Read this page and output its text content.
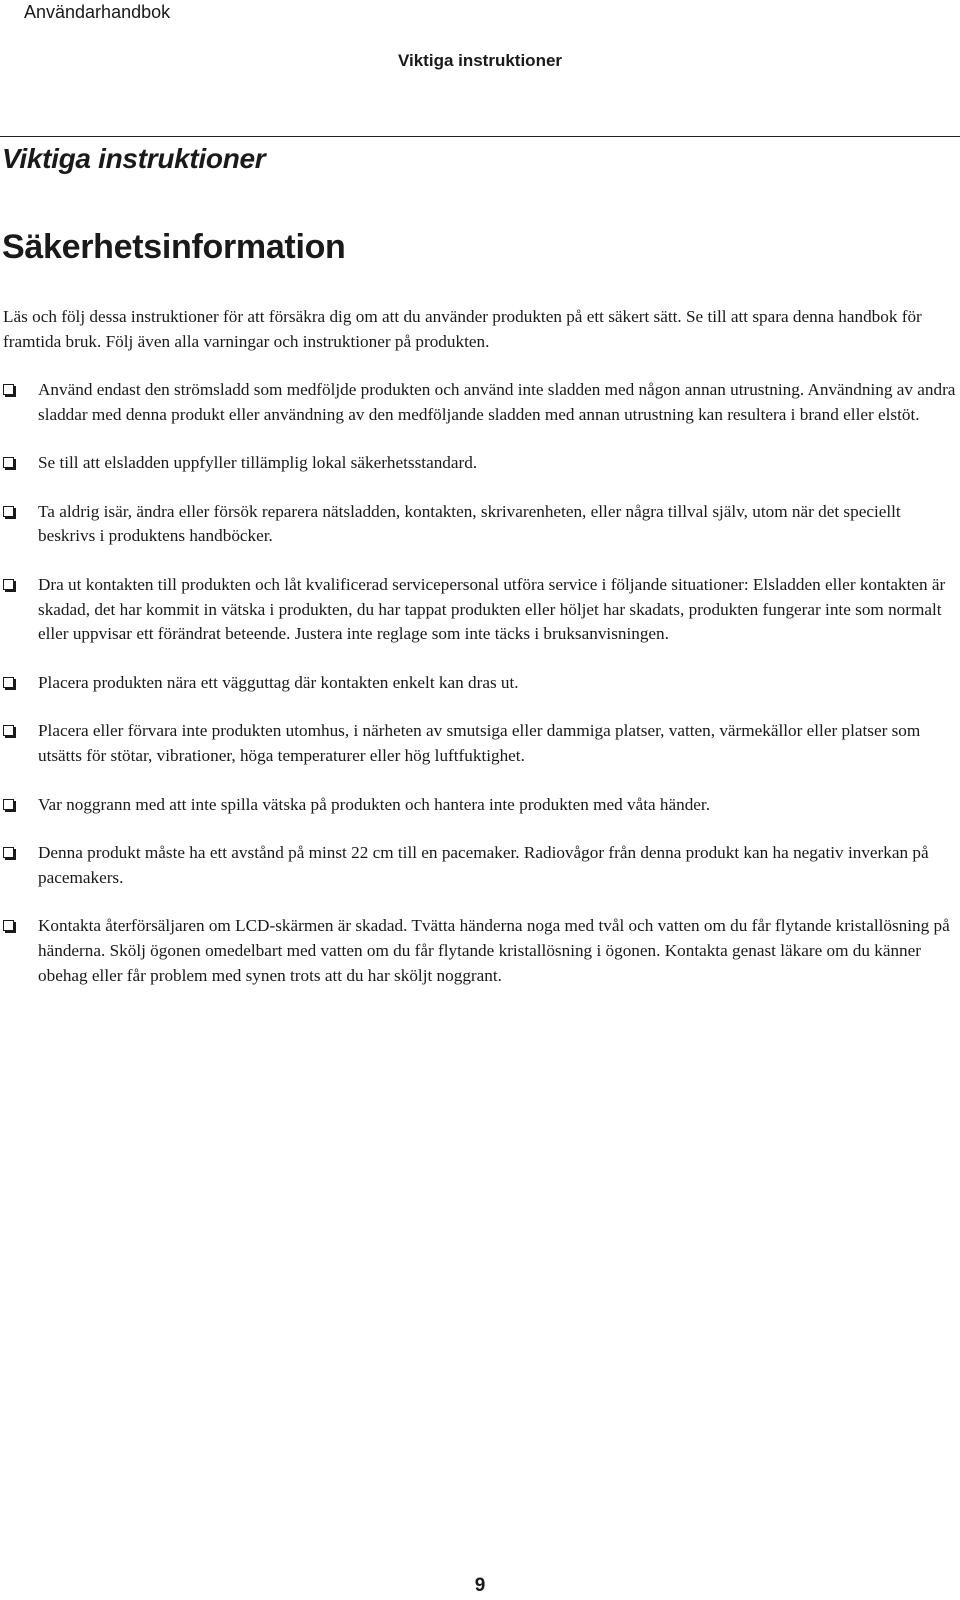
Användarhandbok
Viktiga instruktioner
Viktiga instruktioner
Säkerhetsinformation
Läs och följ dessa instruktioner för att försäkra dig om att du använder produkten på ett säkert sätt. Se till att spara denna handbok för framtida bruk. Följ även alla varningar och instruktioner på produkten.
Använd endast den strömsladd som medföljde produkten och använd inte sladden med någon annan utrustning. Användning av andra sladdar med denna produkt eller användning av den medföljande sladden med annan utrustning kan resultera i brand eller elstöt.
Se till att elsladden uppfyller tillämplig lokal säkerhetsstandard.
Ta aldrig isär, ändra eller försök reparera nätsladden, kontakten, skrivarenheten, eller några tillval själv, utom när det speciellt beskrivs i produktens handböcker.
Dra ut kontakten till produkten och låt kvalificerad servicepersonal utföra service i följande situationer: Elsladden eller kontakten är skadad, det har kommit in vätska i produkten, du har tappat produkten eller höljet har skadats, produkten fungerar inte som normalt eller uppvisar ett förändrat beteende. Justera inte reglage som inte täcks i bruksanvisningen.
Placera produkten nära ett vägguttag där kontakten enkelt kan dras ut.
Placera eller förvara inte produkten utomhus, i närheten av smutsiga eller dammiga platser, vatten, värmekällor eller platser som utsätts för stötar, vibrationer, höga temperaturer eller hög luftfuktighet.
Var noggrann med att inte spilla vätska på produkten och hantera inte produkten med våta händer.
Denna produkt måste ha ett avstånd på minst 22 cm till en pacemaker. Radiovågor från denna produkt kan ha negativ inverkan på pacemakers.
Kontakta återförsäljaren om LCD-skärmen är skadad. Tvätta händerna noga med tvål och vatten om du får flytande kristallösning på händerna. Skölj ögonen omedelbart med vatten om du får flytande kristallösning i ögonen. Kontakta genast läkare om du känner obehag eller får problem med synen trots att du har sköljt noggrant.
9
